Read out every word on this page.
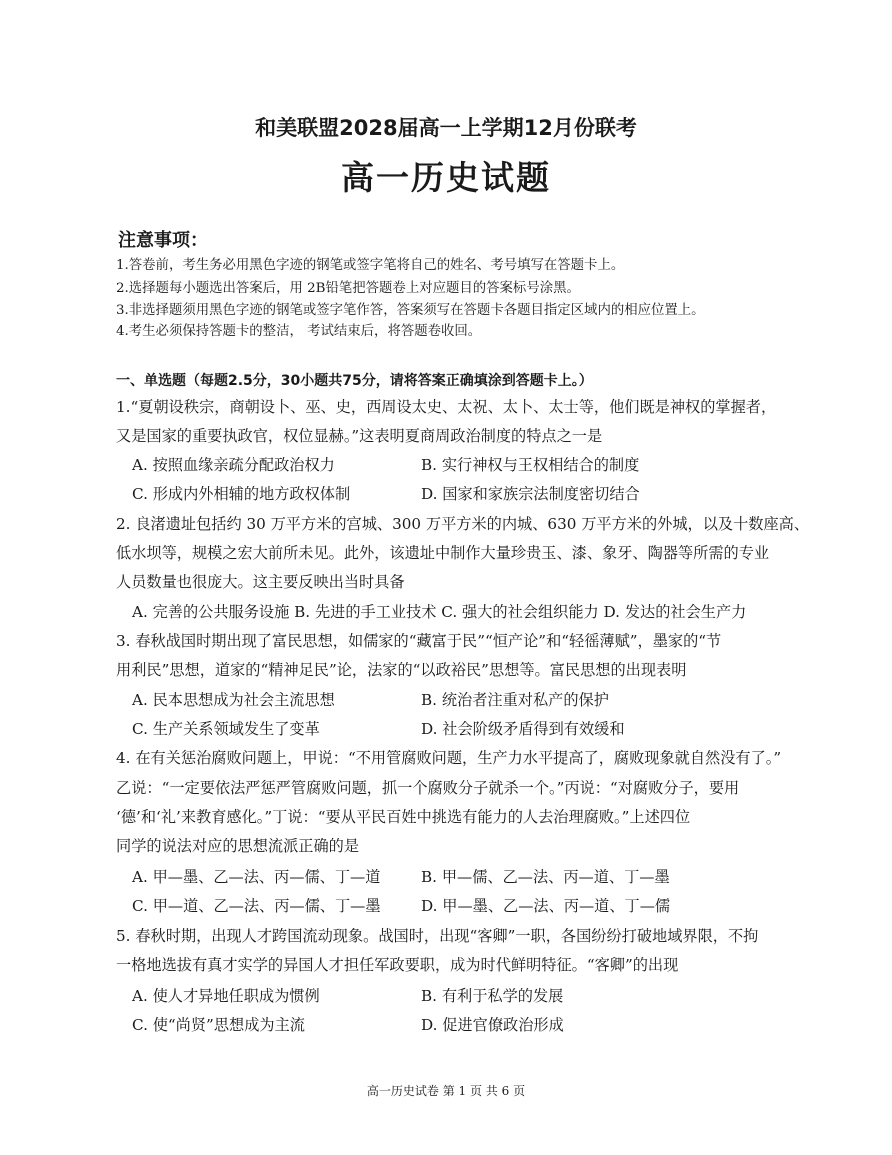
和美联盟2028届高一上学期12月份联考
高一历史试题
注意事项：
1.答卷前，考生务必用黑色字迹的钢笔或签字笔将自己的姓名、考号填写在答题卡上。
2.选择题每小题选出答案后，用 2B铅笔把答题卷上对应题目的答案标号涂黑。
3.非选择题须用黑色字迹的钢笔或签字笔作答，答案须写在答题卡各题目指定区域内的相应位置上。
4.考生必须保持答题卡的整洁， 考试结束后，将答题卷收回。
一、单选题（每题2.5分，30小题共75分，请将答案正确填涂到答题卡上。）
1.“夏朝设秩宗，商朝设卜、巫、史，西周设太史、太祝、太卜、太士等，他们既是神权的掌握者，
又是国家的重要执政官，权位显赫。”这表明夏商周政治制度的特点之一是
A. 按照血缘亲疏分配政治权力	B. 实行神权与王权相结合的制度
C. 形成内外相辅的地方政权体制	D. 国家和家族宗法制度密切结合
2. 良渚遗址包括约 30 万平方米的宫城、300 万平方米的内城、630 万平方米的外城，以及十数座高、
低水坝等，规模之宏大前所未见。此外，该遗址中制作大量珍贵玉、漆、象牙、陶器等所需的专业
人员数量也很庞大。这主要反映出当时具备
A. 完善的公共服务设施 B. 先进的手工业技术 C. 强大的社会组织能力 D. 发达的社会生产力
3. 春秋战国时期出现了富民思想，如儒家的“藏富于民”“恒产论”和“轻徭薄赋”，墨家的“节
用利民”思想，道家的“精神足民”论，法家的“以政裕民”思想等。富民思想的出现表明
A. 民本思想成为社会主流思想	B. 统治者注重对私产的保护
C. 生产关系领域发生了变革	D. 社会阶级矛盾得到有效缓和
4. 在有关惩治腐败问题上，甲说：“不用管腐败问题，生产力水平提高了，腐败现象就自然没有了。”
乙说：“一定要依法严惩严管腐败问题，抓一个腐败分子就杀一个。”丙说：“对腐败分子，要用
‘德’和‘礼’来教育感化。”丁说：“要从平民百姓中挑选有能力的人去治理腐败。”上述四位
同学的说法对应的思想流派正确的是
A. 甲—墨、乙—法、丙—儒、丁—道	B. 甲—儒、乙—法、丙—道、丁—墨
C. 甲—道、乙—法、丙—儒、丁—墨	D. 甲—墨、乙—法、丙—道、丁—儒
5. 春秋时期，出现人才跨国流动现象。战国时，出现“客卿”一职，各国纷纷打破地域界限，不拘
一格地选拔有真才实学的异国人才担任军政要职，成为时代鲜明特征。“客卿”的出现
A. 使人才异地任职成为惯例	B. 有利于私学的发展
C. 使“尚贤”思想成为主流	D. 促进官僚政治形成
高一历史试卷 第 1 页 共 6 页
